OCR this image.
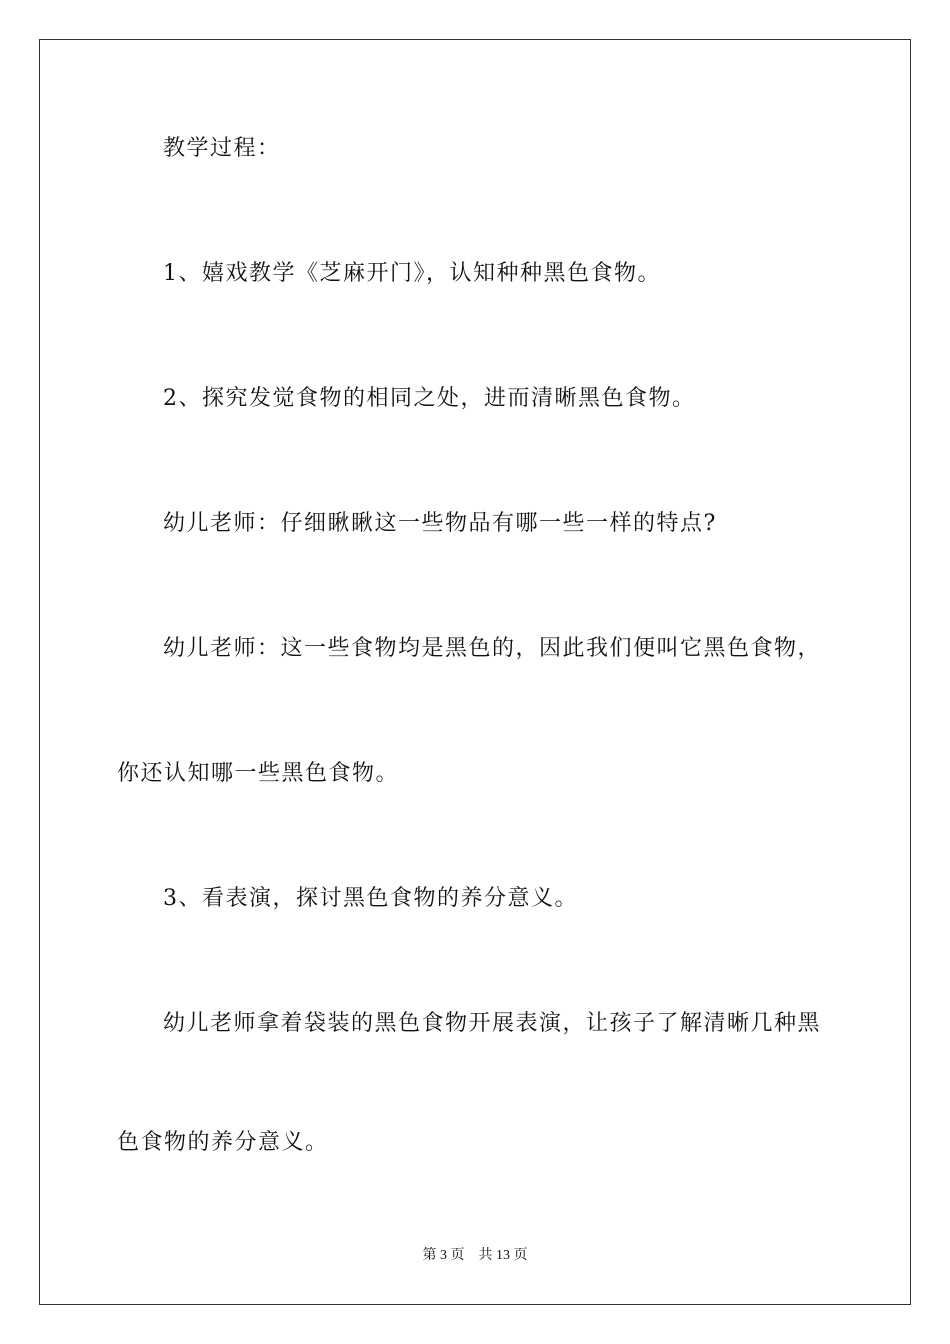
教学过程：
1、嬉戏教学《芝麻开门》，认知种种黑色食物。
2、探究发觉食物的相同之处，进而清晰黑色食物。
幼儿老师：仔细瞅瞅这一些物品有哪一些一样的特点?
幼儿老师：这一些食物均是黑色的，因此我们便叫它黑色食物，
你还认知哪一些黑色食物。
3、看表演，探讨黑色食物的养分意义。
幼儿老师拿着袋装的黑色食物开展表演，让孩子了解清晰几种黑
色食物的养分意义。
第 3 页 共 13 页
